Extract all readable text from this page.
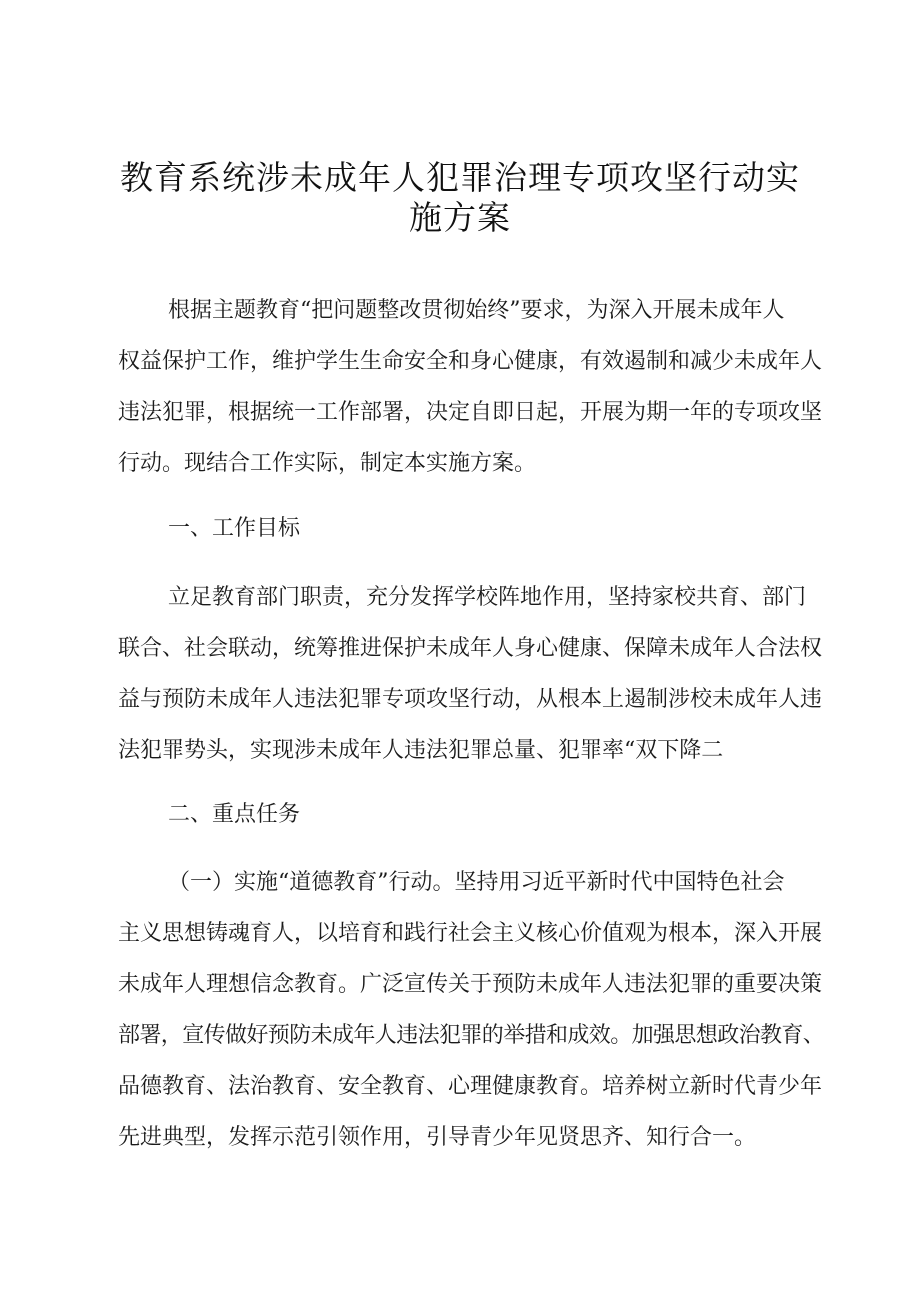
教育系统涉未成年人犯罪治理专项攻坚行动实
施方案

根据主题教育“把问题整改贯彻始终”要求，为深入开展未成年人

权益保护工作，维护学生生命安全和身心健康，有效遏制和减少未成年人

违法犯罪，根据统一工作部署，决定自即日起，开展为期一年的专项攻坚

行动。现结合工作实际，制定本实施方案。

一、工作目标

立足教育部门职责，充分发挥学校阵地作用，坚持家校共育、部门

联合、社会联动，统筹推进保护未成年人身心健康、保障未成年人合法权

益与预防未成年人违法犯罪专项攻坚行动，从根本上遏制涉校未成年人违

法犯罪势头，实现涉未成年人违法犯罪总量、犯罪率“双下降二

二、重点任务

（一）实施“道德教育”行动。坚持用习近平新时代中国特色社会

主义思想铸魂育人，以培育和践行社会主义核心价值观为根本，深入开展

未成年人理想信念教育。广泛宣传关于预防未成年人违法犯罪的重要决策

部署，宣传做好预防未成年人违法犯罪的举措和成效。加强思想政治教育、

品德教育、法治教育、安全教育、心理健康教育。培养树立新时代青少年

先进典型，发挥示范引领作用，引导青少年见贤思齐、知行合一。
